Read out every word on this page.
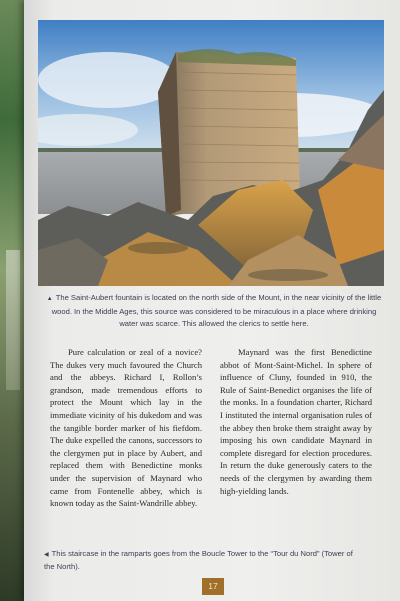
▲ The Saint-Aubert fountain is located on the north side of the Mount, in the near vicinity of the little wood. In the Middle Ages, this source was considered to be miraculous in a place where drinking water was scarce. This allowed the clerics to settle here.

Pure calculation or zeal of a novice? The dukes very much favoured the Church and the abbeys. Richard I, Rollon’s grandson, made tremendous efforts to protect the Mount which lay in the immediate vicinity of his dukedom and was the tangible border marker of his fiefdom. The duke expelled the canons, successors to the clergymen put in place by Aubert, and replaced them with Benedictine monks under the supervision of Maynard who came from Fontenelle abbey, which is known today as the Saint-Wandrille abbey.

Maynard was the first Benedictine abbot of Mont-Saint-Michel. In sphere of influence of Cluny, founded in 910, the Rule of Saint-Benedict organises the life of the monks. In a foundation charter, Richard I instituted the internal organisation rules of the abbey then broke them straight away by imposing his own candidate Maynard in complete disregard for election procedures. In return the duke generously caters to the needs of the clergymen by awarding them high-yielding lands.

◀ This staircase in the ramparts goes from the Boucle Tower to the “Tour du Nord” (Tower of the North).
17
